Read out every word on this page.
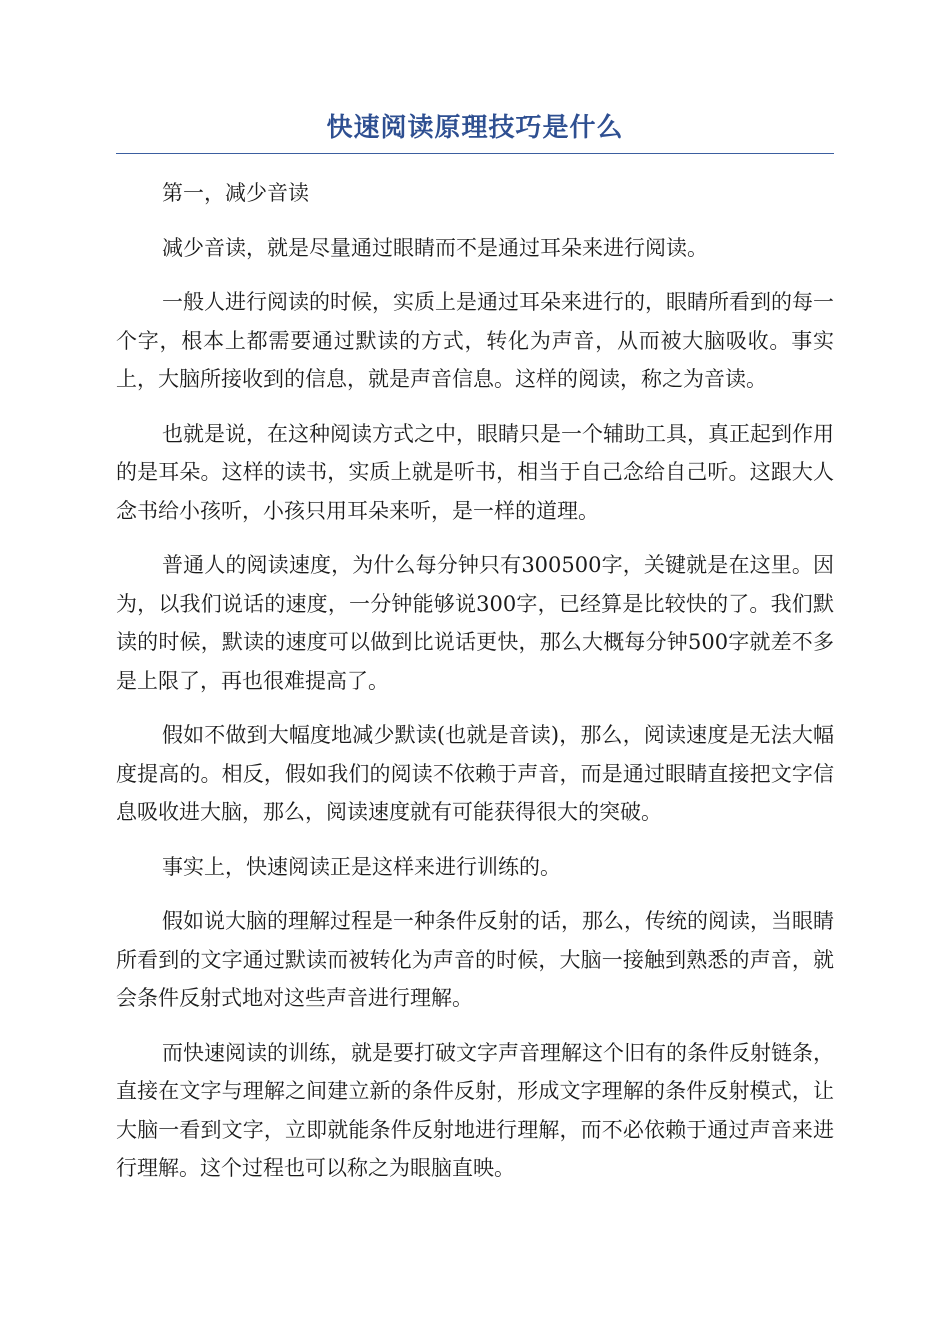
快速阅读原理技巧是什么

第一，减少音读

减少音读，就是尽量通过眼睛而不是通过耳朵来进行阅读。

一般人进行阅读的时候，实质上是通过耳朵来进行的，眼睛所看到的每一个字，根本上都需要通过默读的方式，转化为声音，从而被大脑吸收。事实上，大脑所接收到的信息，就是声音信息。这样的阅读，称之为音读。

也就是说，在这种阅读方式之中，眼睛只是一个辅助工具，真正起到作用的是耳朵。这样的读书，实质上就是听书，相当于自己念给自己听。这跟大人念书给小孩听，小孩只用耳朵来听，是一样的道理。

普通人的阅读速度，为什么每分钟只有300500字，关键就是在这里。因为，以我们说话的速度，一分钟能够说300字，已经算是比较快的了。我们默读的时候，默读的速度可以做到比说话更快，那么大概每分钟500字就差不多是上限了，再也很难提高了。

假如不做到大幅度地减少默读(也就是音读)，那么，阅读速度是无法大幅度提高的。相反，假如我们的阅读不依赖于声音，而是通过眼睛直接把文字信息吸收进大脑，那么，阅读速度就有可能获得很大的突破。

事实上，快速阅读正是这样来进行训练的。

假如说大脑的理解过程是一种条件反射的话，那么，传统的阅读，当眼睛所看到的文字通过默读而被转化为声音的时候，大脑一接触到熟悉的声音，就会条件反射式地对这些声音进行理解。

而快速阅读的训练，就是要打破文字声音理解这个旧有的条件反射链条，直接在文字与理解之间建立新的条件反射，形成文字理解的条件反射模式，让大脑一看到文字，立即就能条件反射地进行理解，而不必依赖于通过声音来进行理解。这个过程也可以称之为眼脑直映。
